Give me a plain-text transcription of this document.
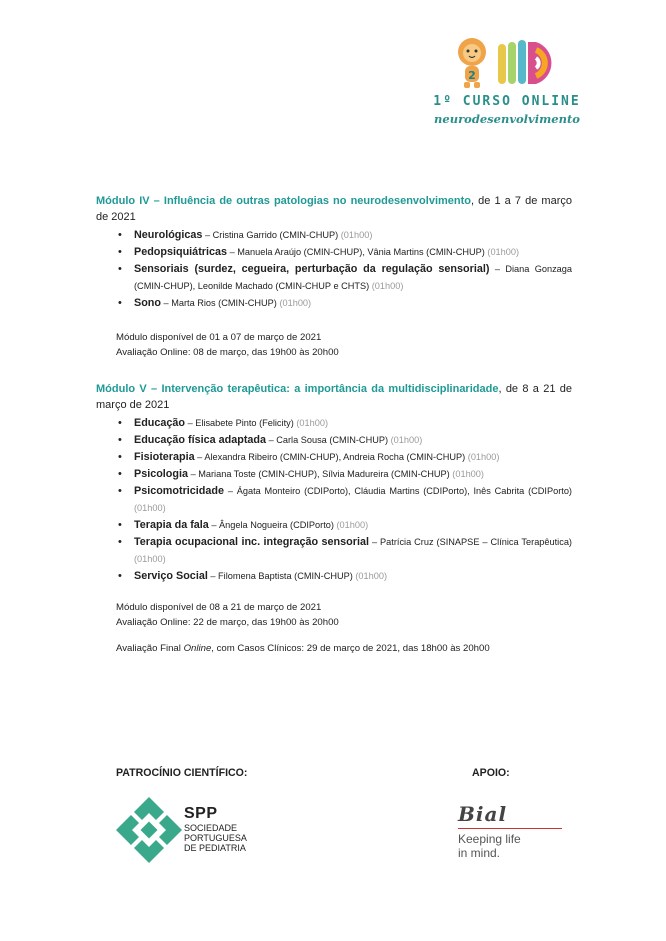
2
1º CURSO ONLINE
neurodesenvolvimento
Módulo IV – Influência de outras patologias no neurodesenvolvimento, de 1 a 7 de março de 2021
• Neurológicas – Cristina Garrido (CMIN-CHUP) (01h00)
• Pedopsiquiátricas – Manuela Araújo (CMIN-CHUP), Vânia Martins (CMIN-CHUP) (01h00)
• Sensoriais (surdez, cegueira, perturbação da regulação sensorial) – Diana Gonzaga (CMIN-CHUP), Leonilde Machado (CMIN-CHUP e CHTS) (01h00)
• Sono – Marta Rios (CMIN-CHUP) (01h00)
Módulo disponível de 01 a 07 de março de 2021
Avaliação Online: 08 de março, das 19h00 às 20h00
Módulo V – Intervenção terapêutica: a importância da multidisciplinaridade, de 8 a 21 de março de 2021
• Educação – Elisabete Pinto (Felicity) (01h00)
• Educação física adaptada – Carla Sousa (CMIN-CHUP) (01h00)
• Fisioterapia – Alexandra Ribeiro (CMIN-CHUP), Andreia Rocha (CMIN-CHUP) (01h00)
• Psicologia – Mariana Toste (CMIN-CHUP), Sílvia Madureira (CMIN-CHUP) (01h00)
• Psicomotricidade – Ágata Monteiro (CDIPorto), Cláudia Martins (CDIPorto), Inês Cabrita (CDIPorto) (01h00)
• Terapia da fala – Ângela Nogueira (CDIPorto) (01h00)
• Terapia ocupacional inc. integração sensorial – Patrícia Cruz (SINAPSE – Clínica Terapêutica) (01h00)
• Serviço Social – Filomena Baptista (CMIN-CHUP) (01h00)
Módulo disponível de 08 a 21 de março de 2021
Avaliação Online: 22 de março, das 19h00 às 20h00
Avaliação Final Online, com Casos Clínicos: 29 de março de 2021, das 18h00 às 20h00
PATROCÍNIO CIENTÍFICO:	APOIO:
SPP
SOCIEDADE
PORTUGUESA
DE PEDIATRIA
Bial
Keeping life
in mind.
